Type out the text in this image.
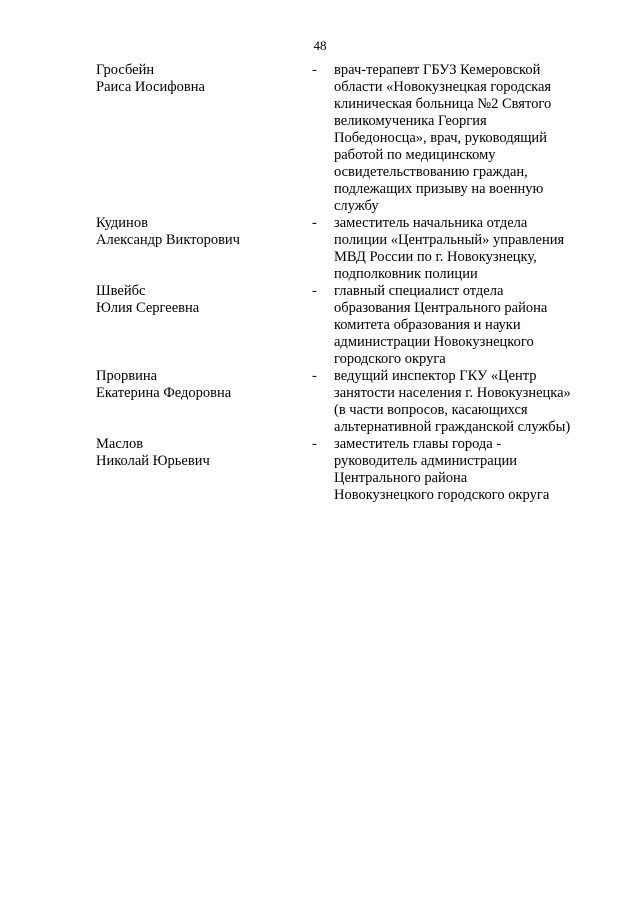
48
Гросбейн
Раиса Иосифовна
- врач-терапевт ГБУЗ Кемеровской
области «Новокузнецкая городская
клиническая больница №2 Святого
великомученика Георгия
Победоносца», врач, руководящий
работой по медицинскому
освидетельствованию граждан,
подлежащих призыву на военную
службу
Кудинов
Александр Викторович
- заместитель начальника отдела
полиции «Центральный» управления
МВД России по г. Новокузнецку,
подполковник полиции
Швейбс
Юлия Сергеевна
- главный специалист отдела
образования Центрального района
комитета образования и науки
администрации Новокузнецкого
городского округа
Прорвина
Екатерина Федоровна
- ведущий инспектор ГКУ «Центр
занятости населения г. Новокузнецка»
(в части вопросов, касающихся
альтернативной гражданской службы)
Маслов
Николай Юрьевич
- заместитель главы города -
руководитель администрации
Центрального района
Новокузнецкого городского округа
